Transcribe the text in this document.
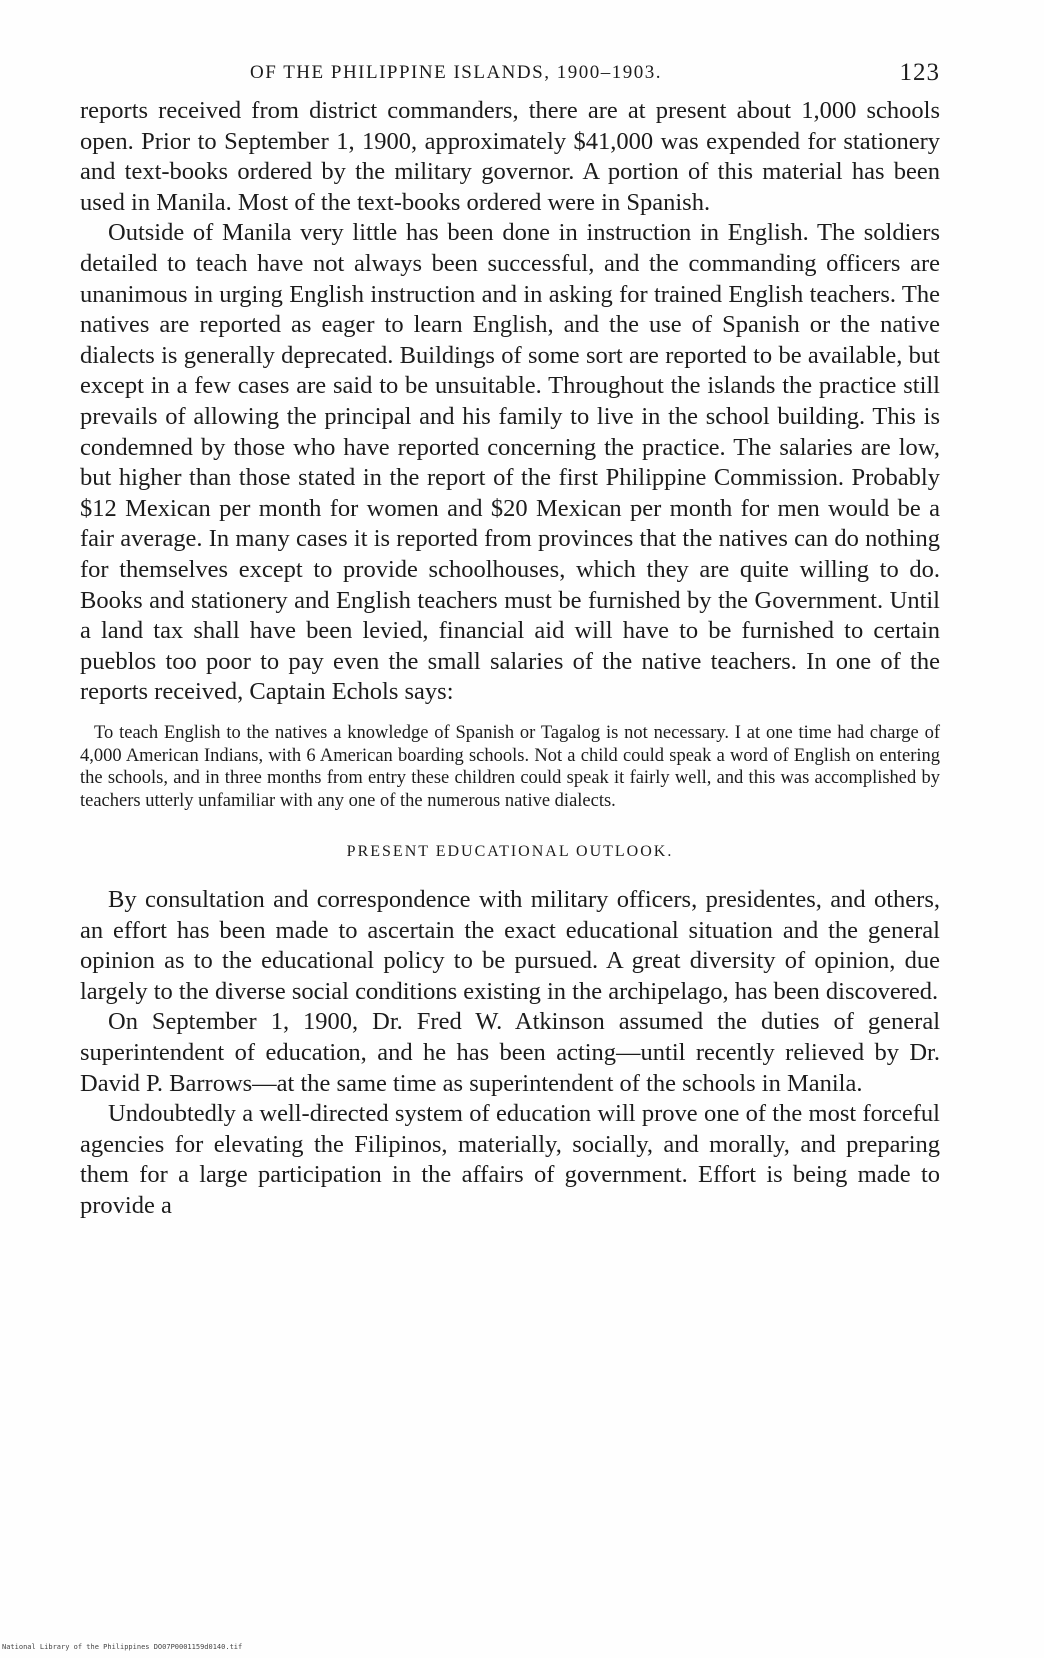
OF THE PHILIPPINE ISLANDS, 1900–1903.	123

reports received from district commanders, there are at present about 1,000 schools open. Prior to September 1, 1900, approximately $41,000 was expended for stationery and text-books ordered by the military governor. A portion of this material has been used in Manila. Most of the text-books ordered were in Spanish.

Outside of Manila very little has been done in instruction in English. The soldiers detailed to teach have not always been successful, and the commanding officers are unanimous in urging English instruction and in asking for trained English teachers. The natives are reported as eager to learn English, and the use of Spanish or the native dialects is generally deprecated. Buildings of some sort are reported to be available, but except in a few cases are said to be unsuitable. Throughout the islands the practice still prevails of allowing the principal and his family to live in the school building. This is condemned by those who have reported concerning the practice. The salaries are low, but higher than those stated in the report of the first Philippine Commission. Probably $12 Mexican per month for women and $20 Mexican per month for men would be a fair average. In many cases it is reported from provinces that the natives can do nothing for themselves except to provide schoolhouses, which they are quite willing to do. Books and stationery and English teachers must be furnished by the Government. Until a land tax shall have been levied, financial aid will have to be furnished to certain pueblos too poor to pay even the small salaries of the native teachers. In one of the reports received, Captain Echols says:

To teach English to the natives a knowledge of Spanish or Tagalog is not necessary. I at one time had charge of 4,000 American Indians, with 6 American boarding schools. Not a child could speak a word of English on entering the schools, and in three months from entry these children could speak it fairly well, and this was accomplished by teachers utterly unfamiliar with any one of the numerous native dialects.

PRESENT EDUCATIONAL OUTLOOK.

By consultation and correspondence with military officers, presidentes, and others, an effort has been made to ascertain the exact educational situation and the general opinion as to the educational policy to be pursued. A great diversity of opinion, due largely to the diverse social conditions existing in the archipelago, has been discovered.

On September 1, 1900, Dr. Fred W. Atkinson assumed the duties of general superintendent of education, and he has been acting—until recently relieved by Dr. David P. Barrows—at the same time as superintendent of the schools in Manila.

Undoubtedly a well-directed system of education will prove one of the most forceful agencies for elevating the Filipinos, materially, socially, and morally, and preparing them for a large participation in the affairs of government. Effort is being made to provide a

National Library of the Philippines DO07P0001159d0140.tif
